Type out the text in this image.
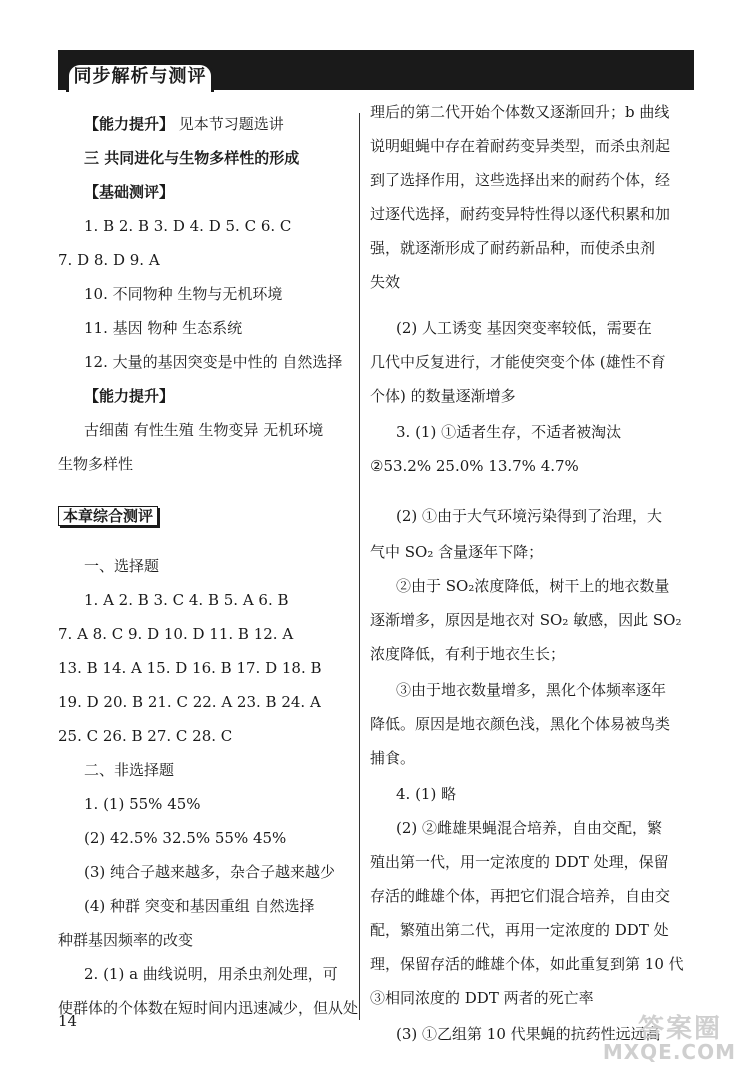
同步解析与测评
【能力提升】 见本节习题选讲
三 共同进化与生物多样性的形成
【基础测评】
1. B 2. B 3. D 4. D 5. C 6. C
7. D 8. D 9. A
10. 不同物种 生物与无机环境
11. 基因 物种 生态系统
12. 大量的基因突变是中性的 自然选择
【能力提升】
古细菌 有性生殖 生物变异 无机环境
生物多样性
本章综合测评
一、选择题
1. A 2. B 3. C 4. B 5. A 6. B
7. A 8. C 9. D 10. D 11. B 12. A
13. B 14. A 15. D 16. B 17. D 18. B
19. D 20. B 21. C 22. A 23. B 24. A
25. C 26. B 27. C 28. C
二、非选择题
1. (1) 55% 45%
(2) 42.5% 32.5% 55% 45%
(3) 纯合子越来越多，杂合子越来越少
(4) 种群 突变和基因重组 自然选择
种群基因频率的改变
2. (1) a 曲线说明，用杀虫剂处理，可
使群体的个体数在短时间内迅速减少，但从处
理后的第二代开始个体数又逐渐回升；b 曲线
说明蛆蝇中存在着耐药变异类型，而杀虫剂起
到了选择作用，这些选择出来的耐药个体，经
过逐代选择，耐药变异特性得以逐代积累和加
强，就逐渐形成了耐药新品种，而使杀虫剂
失效
(2) 人工诱变 基因突变率较低，需要在
几代中反复进行，才能使突变个体 (雄性不育
个体) 的数量逐渐增多
3. (1) ①适者生存，不适者被淘汰
②53.2% 25.0% 13.7% 4.7%
(2) ①由于大气环境污染得到了治理，大
气中 SO₂ 含量逐年下降；
②由于 SO₂浓度降低，树干上的地衣数量
逐渐增多，原因是地衣对 SO₂ 敏感，因此 SO₂
浓度降低，有利于地衣生长；
③由于地衣数量增多，黑化个体频率逐年
降低。原因是地衣颜色浅，黑化个体易被鸟类
捕食。
4. (1) 略
(2) ②雌雄果蝇混合培养，自由交配，繁
殖出第一代，用一定浓度的 DDT 处理，保留
存活的雌雄个体，再把它们混合培养，自由交
配，繁殖出第二代，再用一定浓度的 DDT 处
理，保留存活的雌雄个体，如此重复到第 10 代
③相同浓度的 DDT 两者的死亡率
(3) ①乙组第 10 代果蝇的抗药性远远高
14	答案圈
MXQE.COM
